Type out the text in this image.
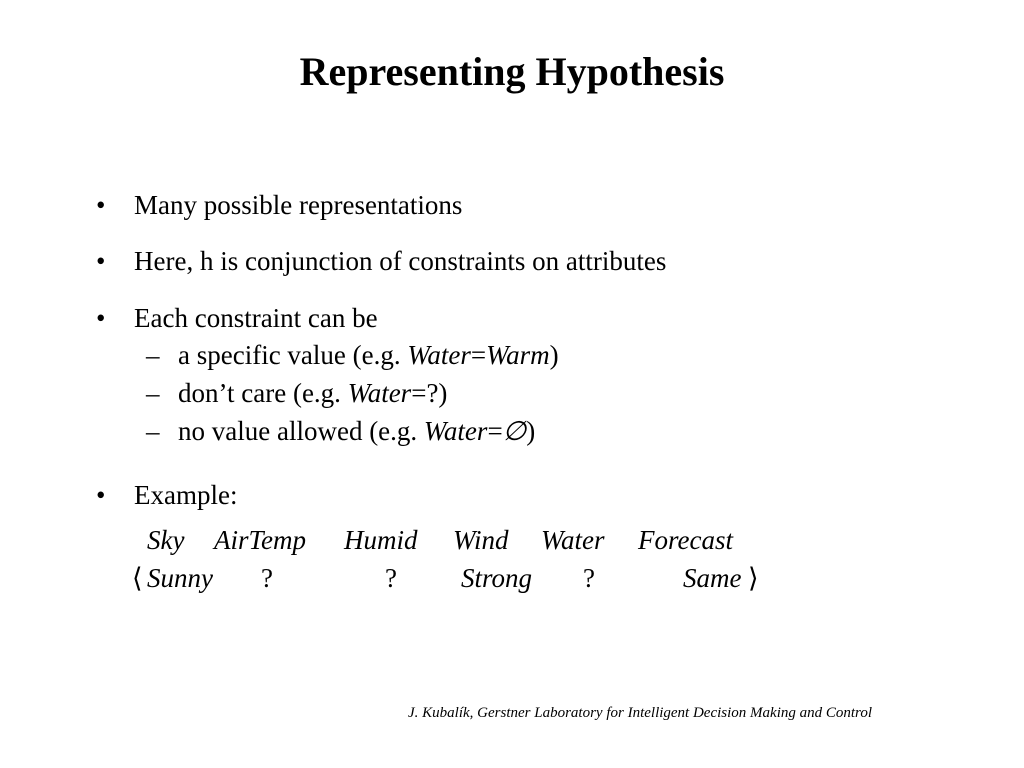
Representing Hypothesis
• Many possible representations
• Here, h is conjunction of constraints on attributes
• Each constraint can be
– a specific value (e.g. Water=Warm)
– don’t care (e.g. Water=?)
– no value allowed (e.g. Water=∅)
• Example:
Sky AirTemp Humid Wind Water Forecast
⟨ Sunny ?	? Strong ?	Same ⟩
J. Kubalík, Gerstner Laboratory for Intelligent Decision Making and Control
